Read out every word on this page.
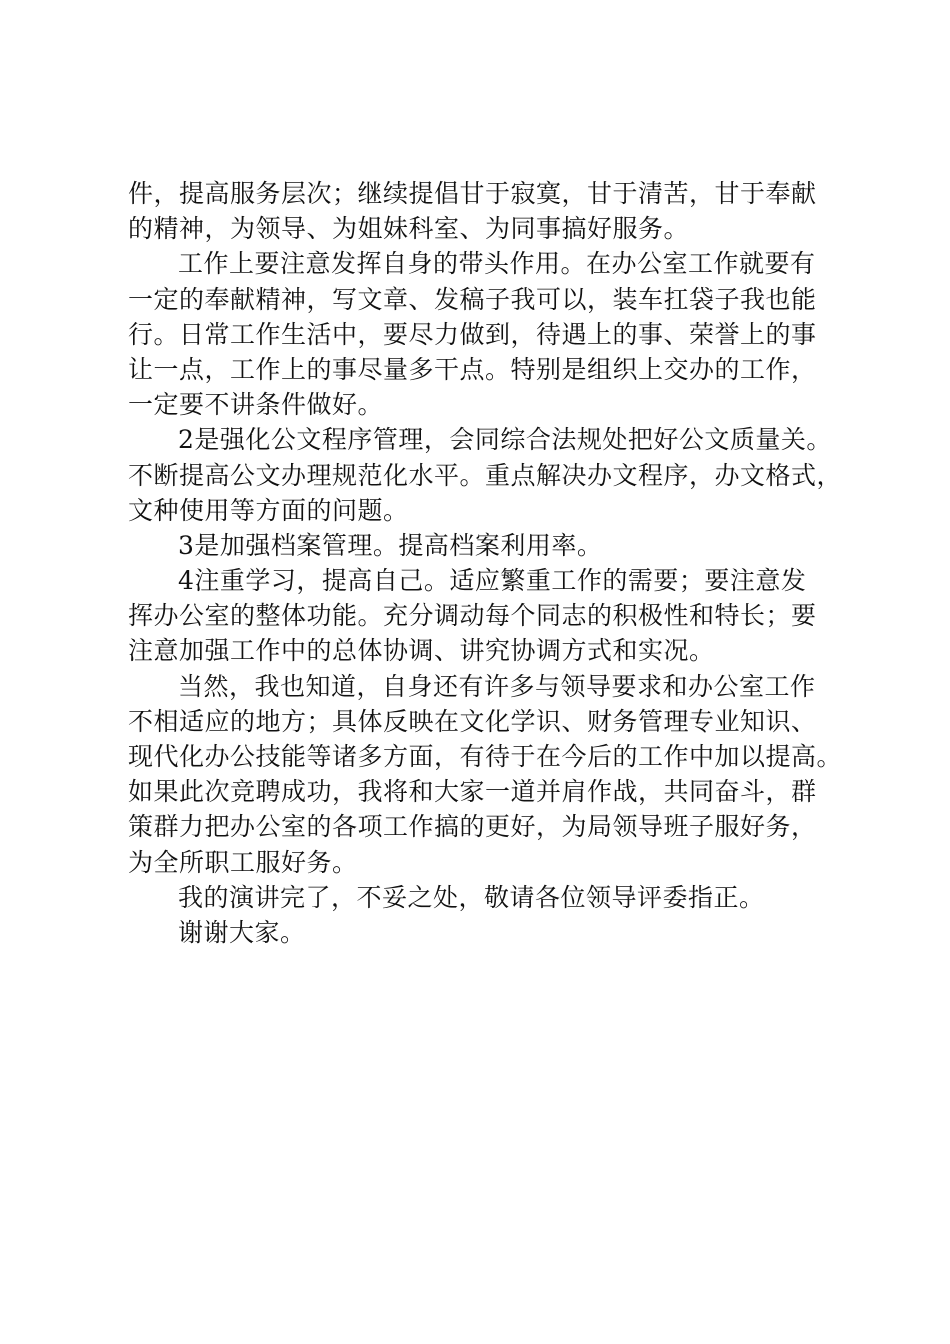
件，提高服务层次；继续提倡甘于寂寞，甘于清苦，甘于奉献
的精神，为领导、为姐妹科室、为同事搞好服务。
工作上要注意发挥自身的带头作用。在办公室工作就要有
一定的奉献精神，写文章、发稿子我可以，装车扛袋子我也能
行。日常工作生活中，要尽力做到，待遇上的事、荣誉上的事
让一点，工作上的事尽量多干点。特别是组织上交办的工作，
一定要不讲条件做好。
2是强化公文程序管理，会同综合法规处把好公文质量关。
不断提高公文办理规范化水平。重点解决办文程序，办文格式，
文种使用等方面的问题。
3是加强档案管理。提高档案利用率。
4注重学习，提高自己。适应繁重工作的需要；要注意发
挥办公室的整体功能。充分调动每个同志的积极性和特长；要
注意加强工作中的总体协调、讲究协调方式和实况。
当然，我也知道，自身还有许多与领导要求和办公室工作
不相适应的地方；具体反映在文化学识、财务管理专业知识、
现代化办公技能等诸多方面，有待于在今后的工作中加以提高。
如果此次竞聘成功，我将和大家一道并肩作战，共同奋斗，群
策群力把办公室的各项工作搞的更好，为局领导班子服好务，
为全所职工服好务。
我的演讲完了，不妥之处，敬请各位领导评委指正。
谢谢大家。
